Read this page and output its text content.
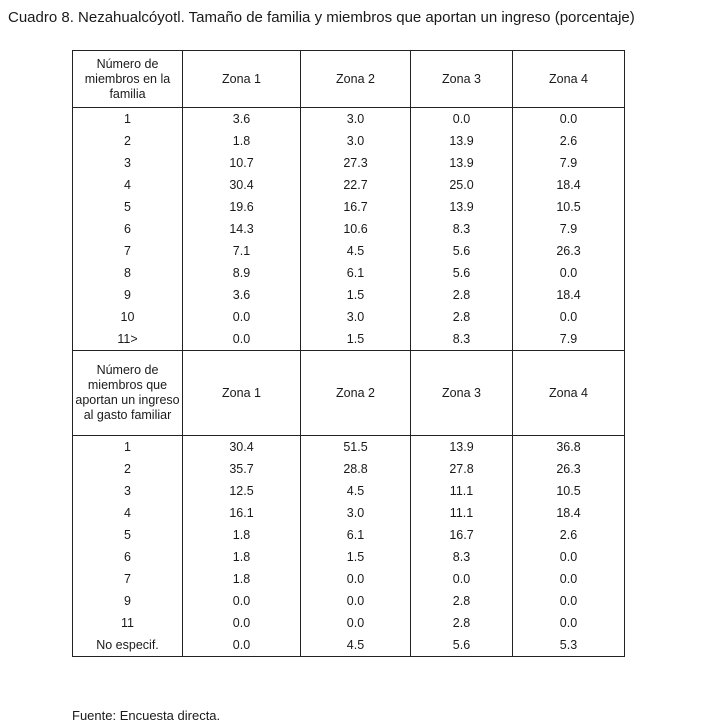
Cuadro 8. Nezahualcóyotl. Tamaño de familia y miembros que aportan un ingreso (porcentaje)
Número de miembros en la familia	Zona 1	Zona 2	Zona 3	Zona 4
1	3.6	3.0	0.0	0.0
2	1.8	3.0	13.9	2.6
3	10.7	27.3	13.9	7.9
4	30.4	22.7	25.0	18.4
5	19.6	16.7	13.9	10.5
6	14.3	10.6	8.3	7.9
7	7.1	4.5	5.6	26.3
8	8.9	6.1	5.6	0.0
9	3.6	1.5	2.8	18.4
10	0.0	3.0	2.8	0.0
11>	0.0	1.5	8.3	7.9
Número de miembros que aportan un ingreso al gasto familiar	Zona 1	Zona 2	Zona 3	Zona 4
1	30.4	51.5	13.9	36.8
2	35.7	28.8	27.8	26.3
3	12.5	4.5	11.1	10.5
4	16.1	3.0	11.1	18.4
5	1.8	6.1	16.7	2.6
6	1.8	1.5	8.3	0.0
7	1.8	0.0	0.0	0.0
9	0.0	0.0	2.8	0.0
11	0.0	0.0	2.8	0.0
No especif.	0.0	4.5	5.6	5.3
Fuente: Encuesta directa.
